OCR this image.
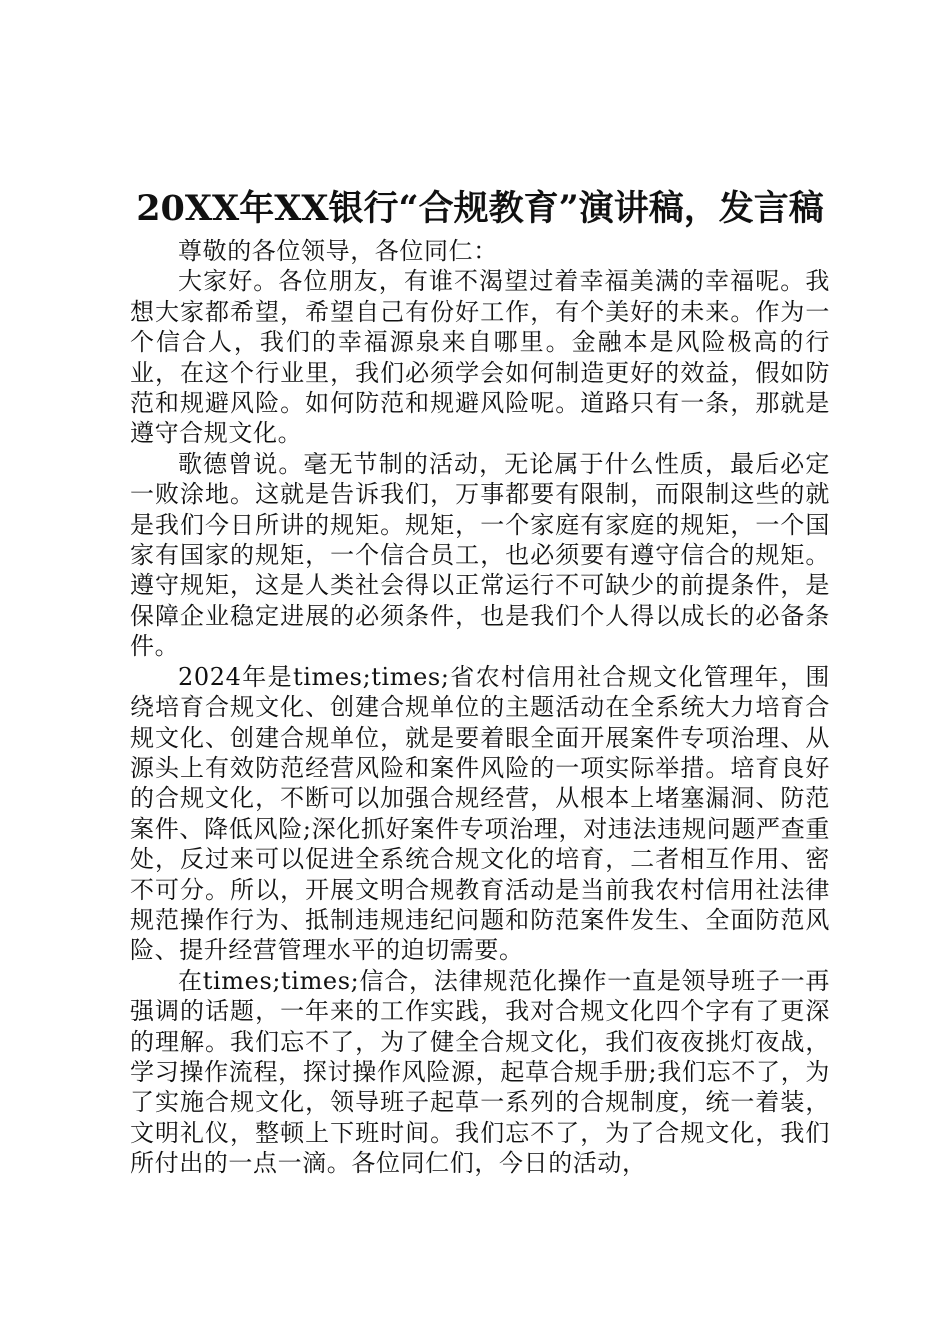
20XX年XX银行“合规教育”演讲稿，发言稿

尊敬的各位领导，各位同仁：

大家好。各位朋友，有谁不渴望过着幸福美满的幸福呢。我想大家都希望，希望自己有份好工作，有个美好的未来。作为一个信合人，我们的幸福源泉来自哪里。金融本是风险极高的行业，在这个行业里，我们必须学会如何制造更好的效益，假如防范和规避风险。如何防范和规避风险呢。道路只有一条，那就是遵守合规文化。

歌德曾说。毫无节制的活动，无论属于什么性质，最后必定一败涂地。这就是告诉我们，万事都要有限制，而限制这些的就是我们今日所讲的规矩。规矩，一个家庭有家庭的规矩，一个国家有国家的规矩，一个信合员工，也必须要有遵守信合的规矩。遵守规矩，这是人类社会得以正常运行不可缺少的前提条件，是保障企业稳定进展的必须条件，也是我们个人得以成长的必备条件。

2024年是times;times;省农村信用社合规文化管理年，围绕培育合规文化、创建合规单位的主题活动在全系统大力培育合规文化、创建合规单位，就是要着眼全面开展案件专项治理、从源头上有效防范经营风险和案件风险的一项实际举措。培育良好的合规文化，不断可以加强合规经营，从根本上堵塞漏洞、防范案件、降低风险;深化抓好案件专项治理，对违法违规问题严查重处，反过来可以促进全系统合规文化的培育，二者相互作用、密不可分。所以，开展文明合规教育活动是当前我农村信用社法律规范操作行为、抵制违规违纪问题和防范案件发生、全面防范风险、提升经营管理水平的迫切需要。

在times;times;信合，法律规范化操作一直是领导班子一再强调的话题，一年来的工作实践，我对合规文化四个字有了更深的理解。我们忘不了，为了健全合规文化，我们夜夜挑灯夜战，学习操作流程，探讨操作风险源，起草合规手册;我们忘不了，为了实施合规文化，领导班子起草一系列的合规制度，统一着装，文明礼仪，整顿上下班时间。我们忘不了，为了合规文化，我们所付出的一点一滴。各位同仁们，今日的活动，
